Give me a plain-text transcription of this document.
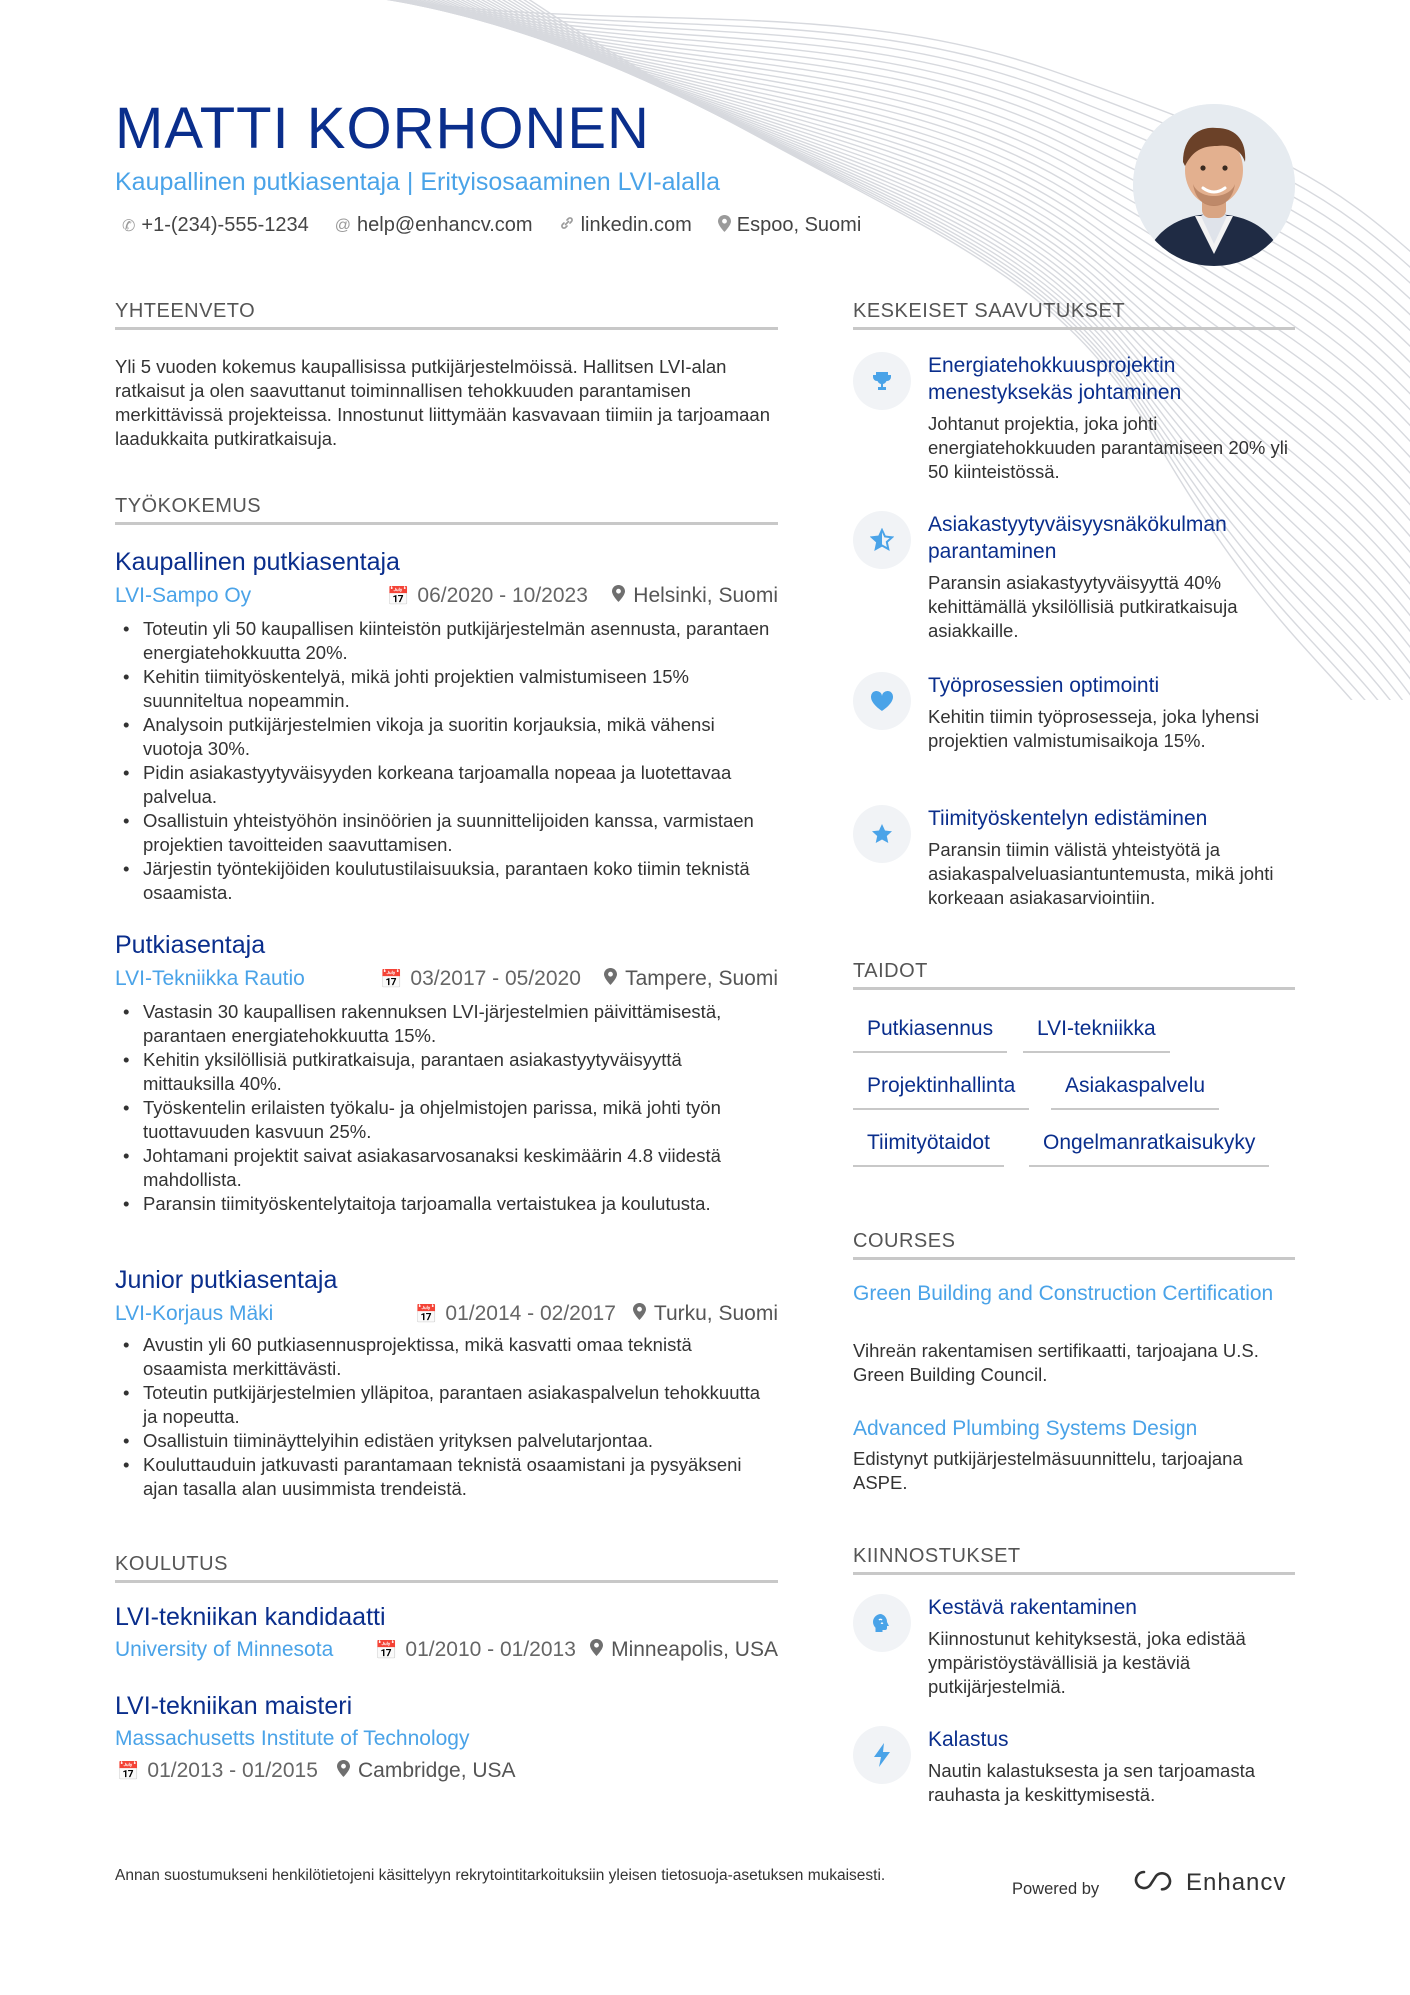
MATTI KORHONEN
Kaupallinen putkiasentaja | Erityisosaaminen LVI-alalla
✆ +1-(234)-555-1234 @ help@enhancv.com linkedin.com Espoo, Suomi
YHTEENVETO
Yli 5 vuoden kokemus kaupallisissa putkijärjestelmöissä. Hallitsen LVI-alan ratkaisut ja olen saavuttanut toiminnallisen tehokkuuden parantamisen merkittävissä projekteissa. Innostunut liittymään kasvavaan tiimiin ja tarjoamaan laadukkaita putkiratkaisuja.
TYÖKOKEMUS
Kaupallinen putkiasentaja
LVI-Sampo Oy	📅 06/2020 - 10/2023 Helsinki, Suomi
• Toteutin yli 50 kaupallisen kiinteistön putkijärjestelmän asennusta, parantaen energiatehokkuutta 20%.
• Kehitin tiimityöskentelyä, mikä johti projektien valmistumiseen 15% suunniteltua nopeammin.
• Analysoin putkijärjestelmien vikoja ja suoritin korjauksia, mikä vähensi vuotoja 30%.
• Pidin asiakastyytyväisyyden korkeana tarjoamalla nopeaa ja luotettavaa palvelua.
• Osallistuin yhteistyöhön insinöörien ja suunnittelijoiden kanssa, varmistaen projektien tavoitteiden saavuttamisen.
• Järjestin työntekijöiden koulutustilaisuuksia, parantaen koko tiimin teknistä osaamista.
Putkiasentaja
LVI-Tekniikka Rautio	📅 03/2017 - 05/2020 Tampere, Suomi
• Vastasin 30 kaupallisen rakennuksen LVI-järjestelmien päivittämisestä, parantaen energiatehokkuutta 15%.
• Kehitin yksilöllisiä putkiratkaisuja, parantaen asiakastyytyväisyyttä mittauksilla 40%.
• Työskentelin erilaisten työkalu- ja ohjelmistojen parissa, mikä johti työn tuottavuuden kasvuun 25%.
• Johtamani projektit saivat asiakasarvosanaksi keskimäärin 4.8 viidestä mahdollista.
• Paransin tiimityöskentelytaitoja tarjoamalla vertaistukea ja koulutusta.
Junior putkiasentaja
LVI-Korjaus Mäki	📅 01/2014 - 02/2017 Turku, Suomi
• Avustin yli 60 putkiasennusprojektissa, mikä kasvatti omaa teknistä osaamista merkittävästi.
• Toteutin putkijärjestelmien ylläpitoa, parantaen asiakaspalvelun tehokkuutta ja nopeutta.
• Osallistuin tiiminäyttelyihin edistäen yrityksen palvelutarjontaa.
• Kouluttauduin jatkuvasti parantamaan teknistä osaamistani ja pysyäkseni ajan tasalla alan uusimmista trendeistä.
KOULUTUS
LVI-tekniikan kandidaatti
University of Minnesota 📅 01/2010 - 01/2013 Minneapolis, USA
LVI-tekniikan maisteri
Massachusetts Institute of Technology
📅 01/2013 - 01/2015 Cambridge, USA
KESKEISET SAAVUTUKSET
Energiatehokkuusprojektin menestyksekäs johtaminen
Johtanut projektia, joka johti energiatehokkuuden parantamiseen 20% yli 50 kiinteistössä.
Asiakastyytyväisyysnäkökulman parantaminen
Paransin asiakastyytyväisyyttä 40% kehittämällä yksilöllisiä putkiratkaisuja asiakkaille.
Työprosessien optimointi
Kehitin tiimin työprosesseja, joka lyhensi projektien valmistumisaikoja 15%.
Tiimityöskentelyn edistäminen
Paransin tiimin välistä yhteistyötä ja asiakaspalveluasiantuntemusta, mikä johti korkeaan asiakasarviointiin.
TAIDOT
Putkiasennus	LVI-tekniikka
Projektinhallinta	Asiakaspalvelu
Tiimityötaidot	Ongelmanratkaisukyky
COURSES
Green Building and Construction Certification
Vihreän rakentamisen sertifikaatti, tarjoajana U.S. Green Building Council.
Advanced Plumbing Systems Design
Edistynyt putkijärjestelmäsuunnittelu, tarjoajana ASPE.
KIINNOSTUKSET
Kestävä rakentaminen
Kiinnostunut kehityksestä, joka edistää ympäristöystävällisiä ja kestäviä putkijärjestelmiä.
Kalastus
Nautin kalastuksesta ja sen tarjoamasta rauhasta ja keskittymisestä.
Annan suostumukseni henkilötietojeni käsittelyyn rekrytointitarkoituksiin yleisen tietosuoja-asetuksen mukaisesti.
Powered by	Enhancv
